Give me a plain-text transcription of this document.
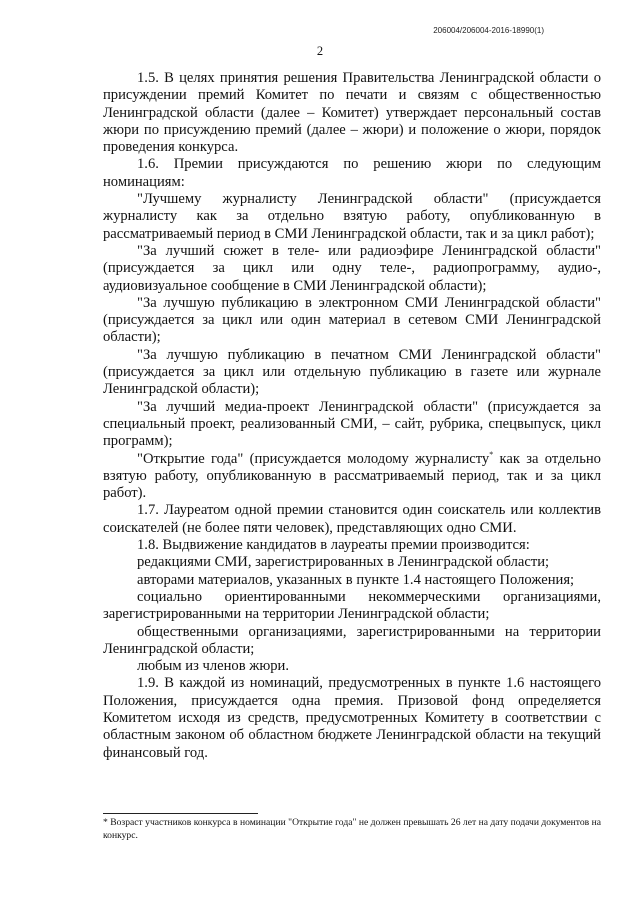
206004/206004-2016-18990(1)
2

1.5. В целях принятия решения Правительства Ленинградской области о присуждении премий Комитет по печати и связям с общественностью Ленинградской области (далее – Комитет) утверждает персональный состав жюри по присуждению премий (далее – жюри) и положение о жюри, порядок проведения конкурса.

1.6. Премии присуждаются по решению жюри по следующим номинациям:

"Лучшему журналисту Ленинградской области" (присуждается журналисту как за отдельно взятую работу, опубликованную в рассматриваемый период в СМИ Ленинградской области, так и за цикл работ);

"За лучший сюжет в теле- или радиоэфире Ленинградской области" (присуждается за цикл или одну теле-, радиопрограмму, аудио-, аудиовизуальное сообщение в СМИ Ленинградской области);

"За лучшую публикацию в электронном СМИ Ленинградской области" (присуждается за цикл или один материал в сетевом СМИ Ленинградской области);

"За лучшую публикацию в печатном СМИ Ленинградской области" (присуждается за цикл или отдельную публикацию в газете или журнале Ленинградской области);

"За лучший медиа-проект Ленинградской области" (присуждается за специальный проект, реализованный СМИ, – сайт, рубрика, спецвыпуск, цикл программ);

"Открытие года" (присуждается молодому журналисту* как за отдельно взятую работу, опубликованную в рассматриваемый период, так и за цикл работ).

1.7. Лауреатом одной премии становится один соискатель или коллектив соискателей (не более пяти человек), представляющих одно СМИ.

1.8. Выдвижение кандидатов в лауреаты премии производится:

редакциями СМИ, зарегистрированных в Ленинградской области;

авторами материалов, указанных в пункте 1.4 настоящего Положения;

социально ориентированными некоммерческими организациями, зарегистрированными на территории Ленинградской области;

общественными организациями, зарегистрированными на территории Ленинградской области;

любым из членов жюри.

1.9. В каждой из номинаций, предусмотренных в пункте 1.6 настоящего Положения, присуждается одна премия. Призовой фонд определяется Комитетом исходя из средств, предусмотренных Комитету в соответствии с областным законом об областном бюджете Ленинградской области на текущий финансовый год.

* Возраст участников конкурса в номинации "Открытие года" не должен превышать 26 лет на дату подачи документов на конкурс.
